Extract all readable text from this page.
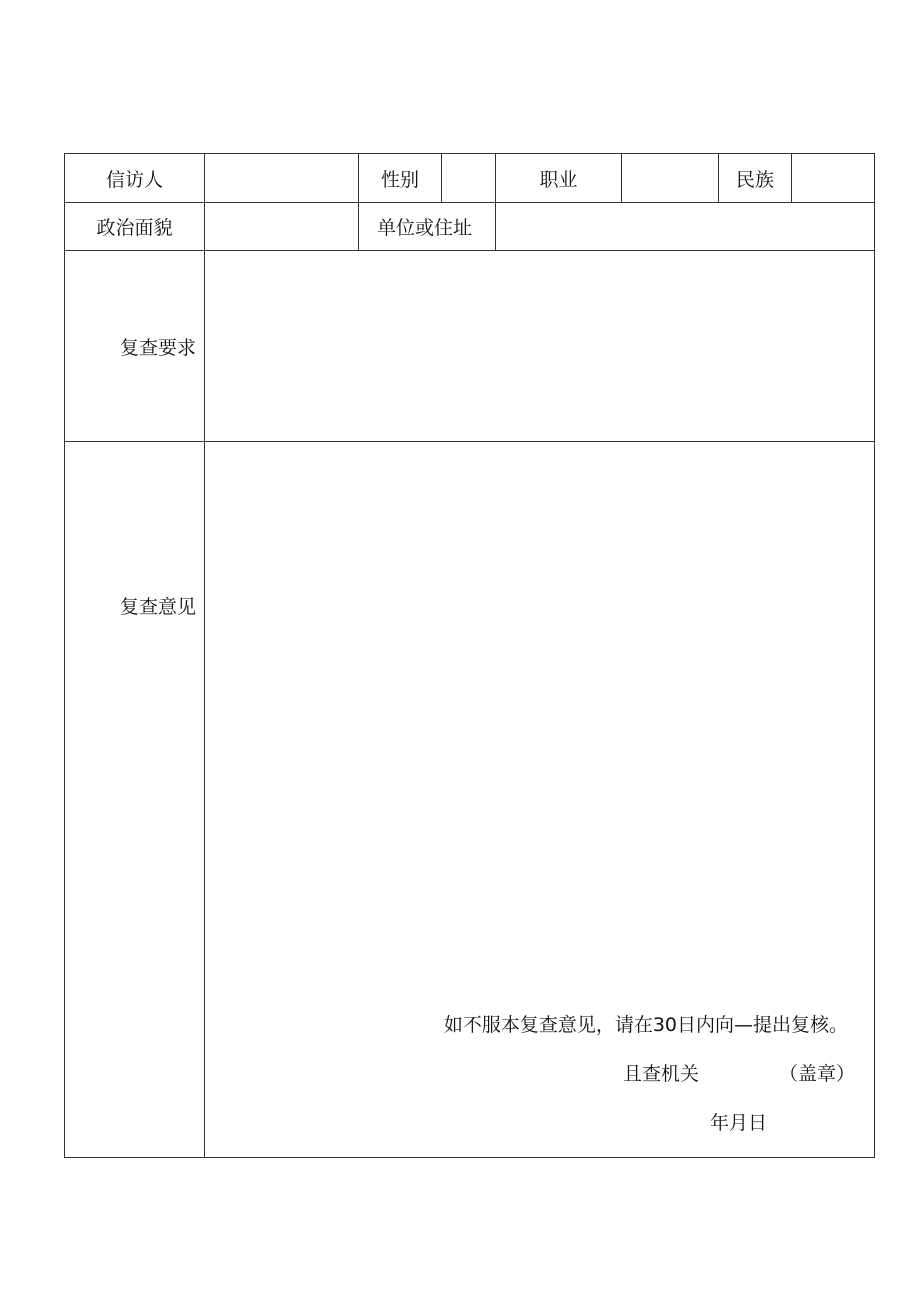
信访人		性别		职业		民族	
政治面貌		单位或住址					
复查要求							
复查意见	如不服本复查意见，请在30日内向—提出复核。
且查机关 （盖章）
年月日						
